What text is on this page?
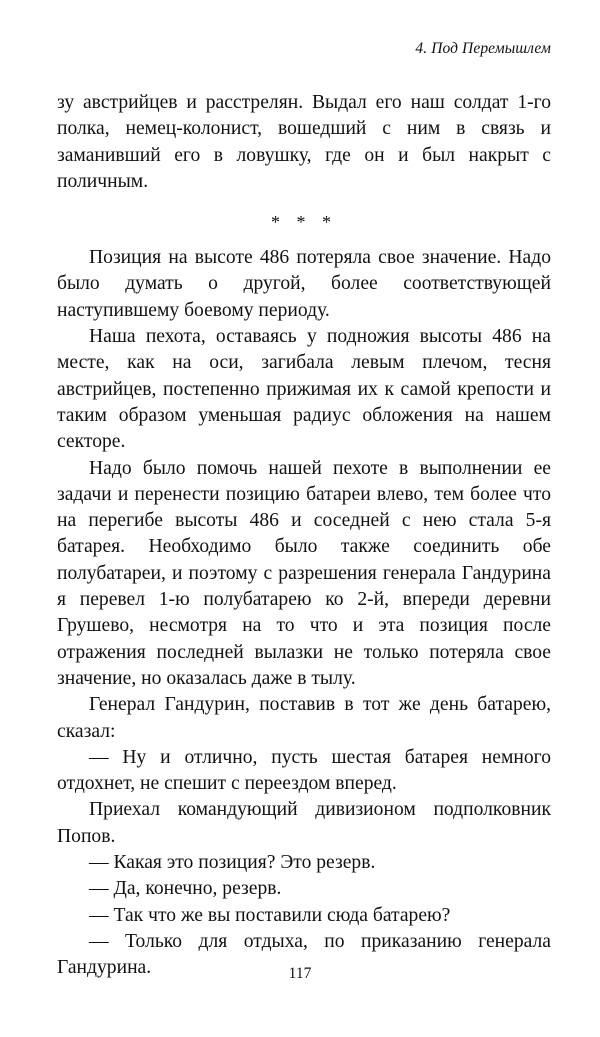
4. Под Перемышлем

зу австрийцев и расстрелян. Выдал его наш солдат 1-го полка, немец-колонист, вошедший с ним в связь и заманивший его в ловушку, где он и был накрыт с поличным.

* * *

Позиция на высоте 486 потеряла свое значение. Надо было думать о другой, более соответствующей наступившему боевому периоду.

Наша пехота, оставаясь у подножия высоты 486 на месте, как на оси, загибала левым плечом, тесня австрийцев, постепенно прижимая их к самой крепости и таким образом уменьшая радиус обложения на нашем секторе.

Надо было помочь нашей пехоте в выполнении ее задачи и перенести позицию батареи влево, тем более что на перегибе высоты 486 и соседней с нею стала 5-я батарея. Необходимо было также соединить обе полубатареи, и поэтому с разрешения генерала Гандурина я перевел 1-ю полубатарею ко 2-й, впереди деревни Грушево, несмотря на то что и эта позиция после отражения последней вылазки не только потеряла свое значение, но оказалась даже в тылу.

Генерал Гандурин, поставив в тот же день батарею, сказал:

— Ну и отлично, пусть шестая батарея немного отдохнет, не спешит с переездом вперед.

Приехал командующий дивизионом подполковник Попов.

— Какая это позиция? Это резерв.

— Да, конечно, резерв.

— Так что же вы поставили сюда батарею?

— Только для отдыха, по приказанию генерала Гандурина.	117
